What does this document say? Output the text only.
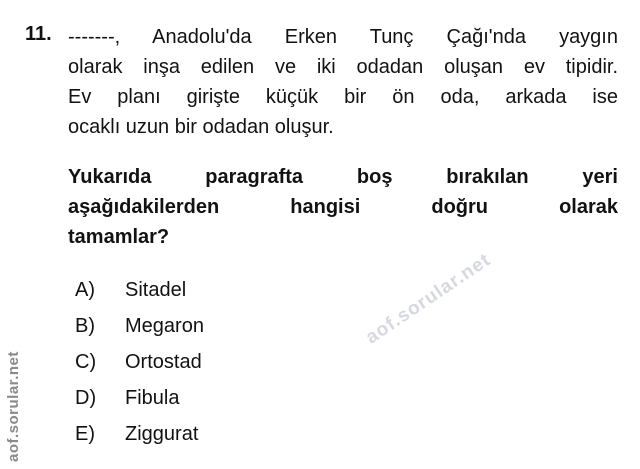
11. -------, Anadolu'da Erken Tunç Çağı'nda yaygın
olarak inşa edilen ve iki odadan oluşan ev tipidir.
Ev planı girişte küçük bir ön oda, arkada ise
ocaklı uzun bir odadan oluşur.
Yukarıda paragrafta boş bırakılan yeri
aşağıdakilerden hangisi doğru olarak
tamamlar?
A)	Sitadel
B)	Megaron
C)	Ortostad
D)	Fibula
E)	Ziggurat
aof.sorular.net
aof.sorular.net
